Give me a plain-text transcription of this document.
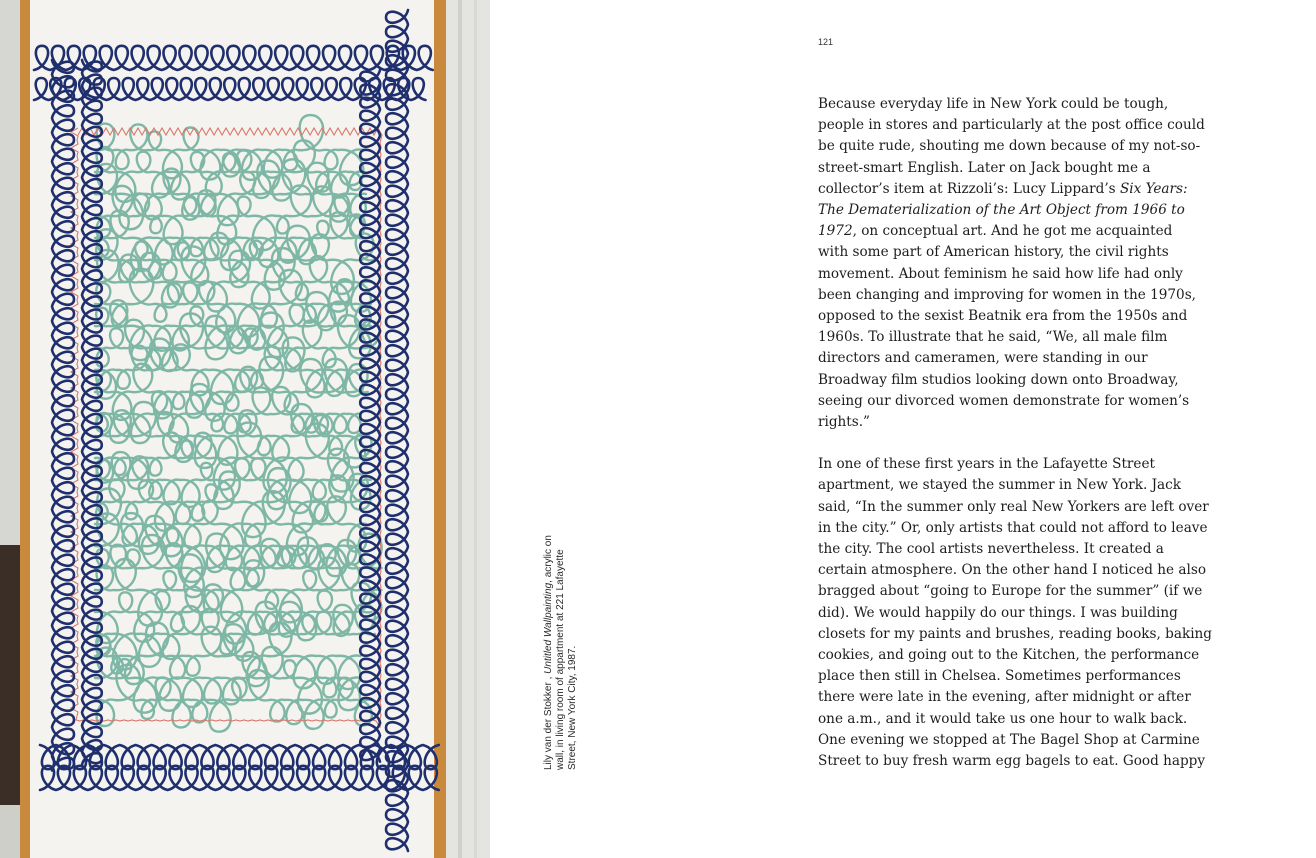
Lily van der Stokker , Untitled Wallpainting, acrylic on wall, in living room of appartment at 221 Lafayette Street, New York City, 1987.
121

Because everyday life in New York could be tough,

people in stores and particularly at the post office could

be quite rude, shouting me down because of my not-so-

street-smart English. Later on Jack bought me a

collector’s item at Rizzoli’s: Lucy Lippard’s Six Years:

The Dematerialization of the Art Object from 1966 to

1972, on conceptual art. And he got me acquainted

with some part of American history, the civil rights

movement. About feminism he said how life had only

been changing and improving for women in the 1970s,

opposed to the sexist Beatnik era from the 1950s and

1960s. To illustrate that he said, “We, all male film

directors and cameramen, were standing in our

Broadway film studios looking down onto Broadway,

seeing our divorced women demonstrate for women’s

rights.”

In one of these first years in the Lafayette Street

apartment, we stayed the summer in New York. Jack

said, “In the summer only real New Yorkers are left over

in the city.” Or, only artists that could not afford to leave

the city. The cool artists nevertheless. It created a

certain atmosphere. On the other hand I noticed he also

bragged about “going to Europe for the summer” (if we

did). We would happily do our things. I was building

closets for my paints and brushes, reading books, baking

cookies, and going out to the Kitchen, the performance

place then still in Chelsea. Sometimes performances

there were late in the evening, after midnight or after

one a.m., and it would take us one hour to walk back.

One evening we stopped at The Bagel Shop at Carmine

Street to buy fresh warm egg bagels to eat. Good happy
